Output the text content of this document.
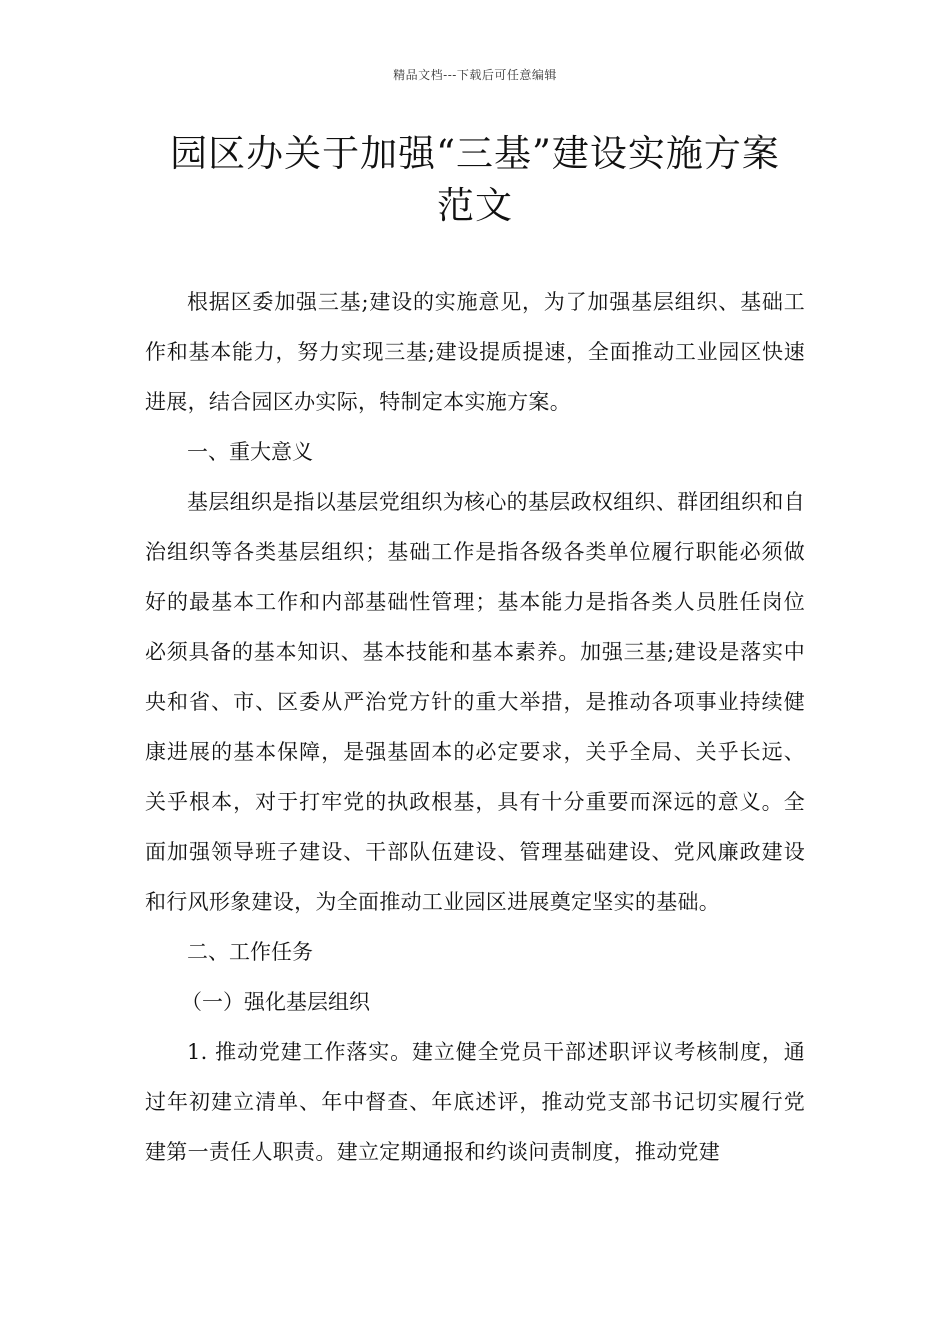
精品文档---下载后可任意编辑
园区办关于加强“三基”建设实施方案
范文

根据区委加强三基;建设的实施意见，为了加强基层组织、基础工作和基本能力，努力实现三基;建设提质提速，全面推动工业园区快速进展，结合园区办实际，特制定本实施方案。

一、重大意义

基层组织是指以基层党组织为核心的基层政权组织、群团组织和自治组织等各类基层组织；基础工作是指各级各类单位履行职能必须做好的最基本工作和内部基础性管理；基本能力是指各类人员胜任岗位必须具备的基本知识、基本技能和基本素养。加强三基;建设是落实中央和省、市、区委从严治党方针的重大举措，是推动各项事业持续健康进展的基本保障，是强基固本的必定要求，关乎全局、关乎长远、关乎根本，对于打牢党的执政根基，具有十分重要而深远的意义。全面加强领导班子建设、干部队伍建设、管理基础建设、党风廉政建设和行风形象建设，为全面推动工业园区进展奠定坚实的基础。

二、工作任务

（一）强化基层组织

1. 推动党建工作落实。建立健全党员干部述职评议考核制度，通过年初建立清单、年中督查、年底述评，推动党支部书记切实履行党建第一责任人职责。建立定期通报和约谈问责制度，推动党建
